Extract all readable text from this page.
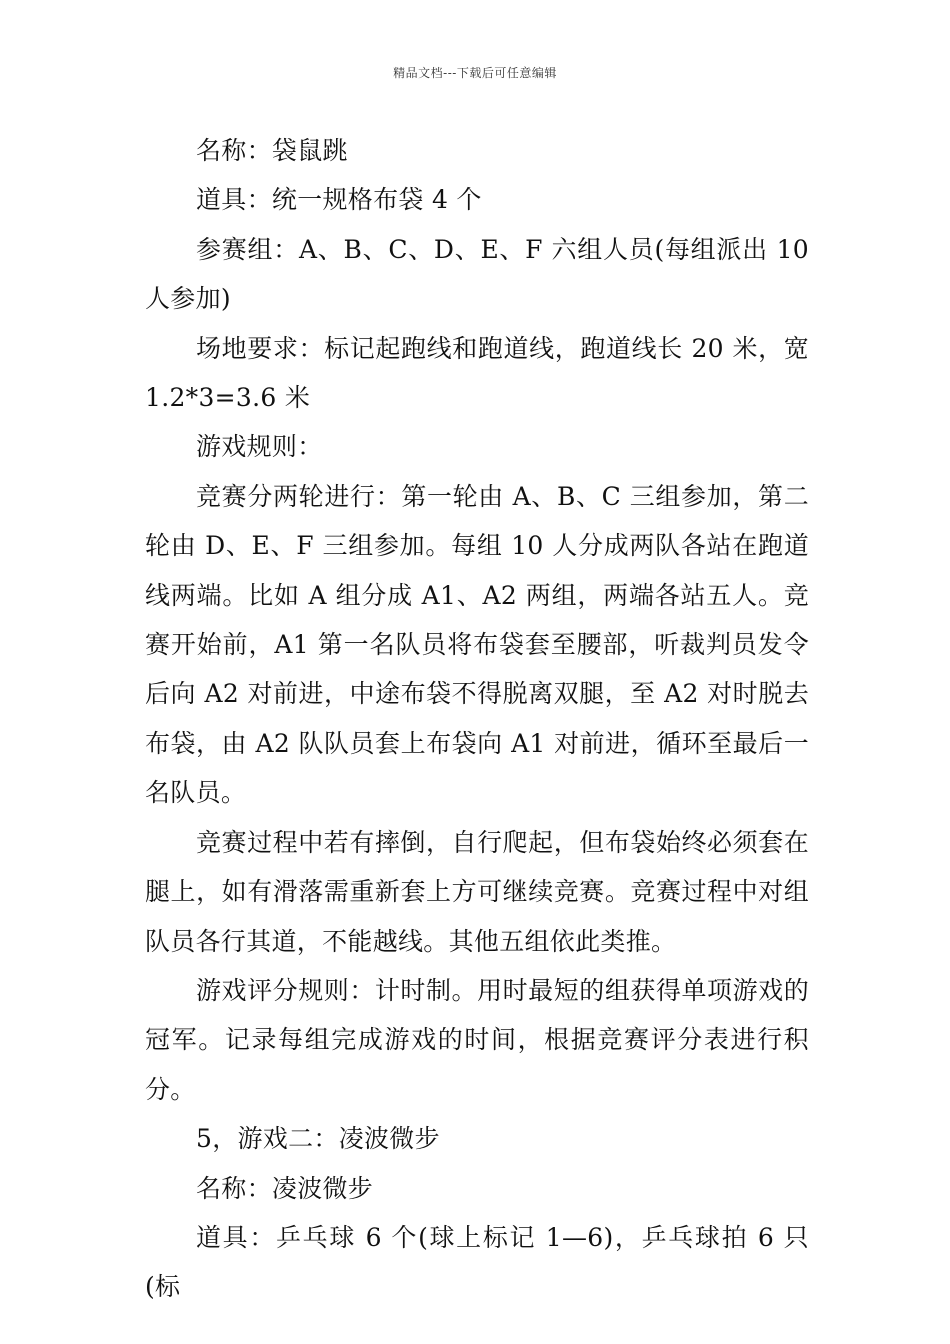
精品文档---下载后可任意编辑

名称：袋鼠跳

道具：统一规格布袋 4 个

参赛组：A、B、C、D、E、F 六组人员(每组派出 10 人参加)

场地要求：标记起跑线和跑道线，跑道线长 20 米，宽 1.2*3=3.6 米

游戏规则：

竞赛分两轮进行：第一轮由 A、B、C 三组参加，第二轮由 D、E、F 三组参加。每组 10 人分成两队各站在跑道线两端。比如 A 组分成 A1、A2 两组，两端各站五人。竞赛开始前，A1 第一名队员将布袋套至腰部，听裁判员发令后向 A2 对前进，中途布袋不得脱离双腿，至 A2 对时脱去布袋，由 A2 队队员套上布袋向 A1 对前进，循环至最后一名队员。

竞赛过程中若有摔倒，自行爬起，但布袋始终必须套在腿上，如有滑落需重新套上方可继续竞赛。竞赛过程中对组队员各行其道，不能越线。其他五组依此类推。

游戏评分规则：计时制。用时最短的组获得单项游戏的冠军。记录每组完成游戏的时间，根据竞赛评分表进行积分。

5，游戏二：凌波微步

名称：凌波微步

道具：乒乓球 6 个(球上标记 1—6)，乒乓球拍 6 只(标
